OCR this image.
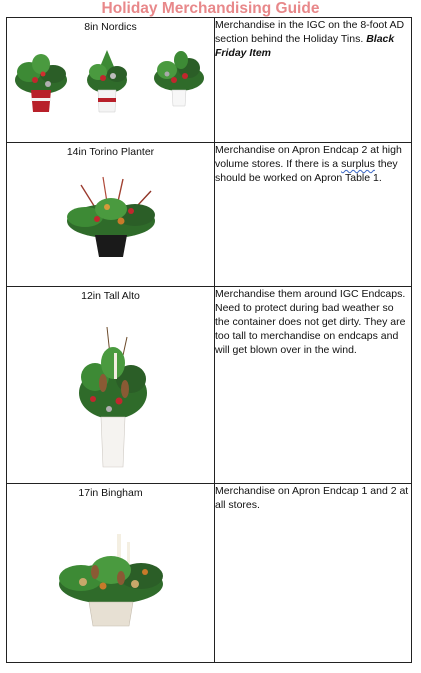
Holiday Merchandising Guide
8in Nordics	Merchandise in the IGC on the 8-foot AD section behind the Holiday Tins. Black Friday Item

14in Torino Planter	Merchandise on Apron Endcap 2 at high volume stores. If there is a surplus they should be worked on Apron Table 1.

12in Tall Alto	Merchandise them around IGC Endcaps. Need to protect during bad weather so the container does not get dirty. They are too tall to merchandise on endcaps and will get blown over in the wind.

17in Bingham	Merchandise on Apron Endcap 1 and 2 at all stores.
